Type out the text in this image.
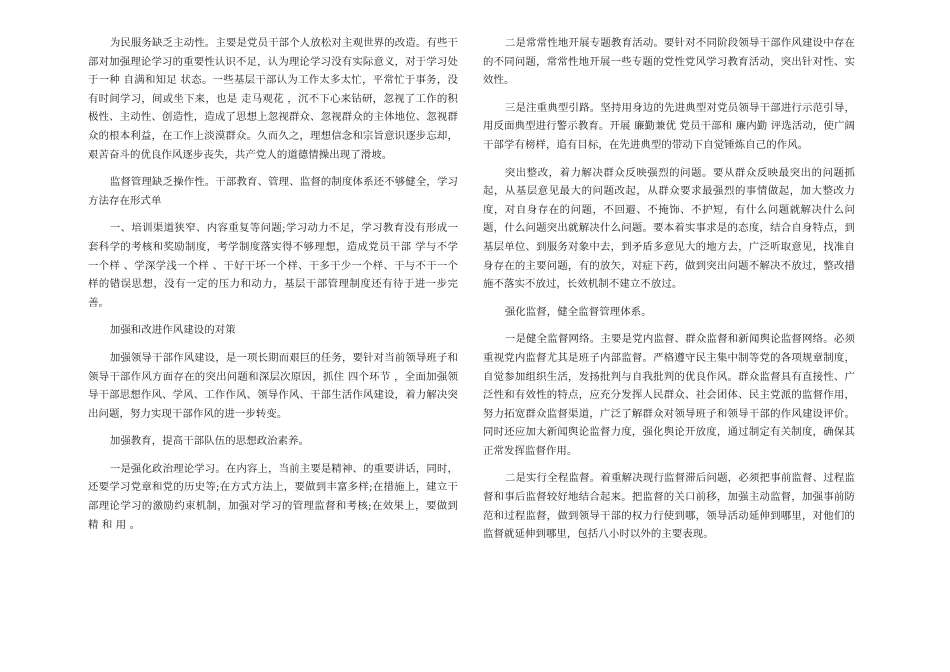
为民服务缺乏主动性。主要是党员干部个人放松对主观世界的改造。有些干部对加强理论学习的重要性认识不足，认为理论学习没有实际意义，对于学习处于一种 自满和知足 状态。一些基层干部认为工作太多太忙，平常忙于事务，没有时间学习，间或坐下来，也是 走马观花 ，沉不下心来钻研，忽视了工作的积极性、主动性、创造性，造成了思想上忽视群众、忽视群众的主体地位、忽视群众的根本利益，在工作上淡漠群众。久而久之，理想信念和宗旨意识逐步忘却，艰苦奋斗的优良作风逐步丧失，共产党人的道德情操出现了滑坡。

监督管理缺乏操作性。干部教育、管理、监督的制度体系还不够健全，学习方法存在形式单

一、培训渠道狭窄、内容重复等问题;学习动力不足，学习教育没有形成一套科学的考核和奖励制度，考学制度落实得不够理想，造成党员干部 学与不学一个样 、学深学浅一个样 、干好干坏一个样、干多干少一个样、干与不干一个样的错误思想，没有一定的压力和动力，基层干部管理制度还有待于进一步完善。

加强和改进作风建设的对策

加强领导干部作风建设，是一项长期而艰巨的任务，要针对当前领导班子和领导干部作风方面存在的突出问题和深层次原因，抓住 四个环节 ，全面加强领导干部思想作风、学风、工作作风、领导作风、干部生活作风建设，着力解决突出问题，努力实现干部作风的进一步转变。

加强教育，提高干部队伍的思想政治素养。

一是强化政治理论学习。在内容上，当前主要是精神、的重要讲话，同时，还要学习党章和党的历史等;在方式方法上，要做到丰富多样;在措施上，建立干部理论学习的激励约束机制，加强对学习的管理监督和考核;在效果上，要做到 精 和 用 。

二是常常性地开展专题教育活动。要针对不同阶段领导干部作风建设中存在的不同问题，常常性地开展一些专题的党性党风学习教育活动，突出针对性、实效性。

三是注重典型引路。坚持用身边的先进典型对党员领导干部进行示范引导，用反面典型进行警示教育。开展 廉勤兼优 党员干部和 廉内勤 评选活动，使广阔干部学有榜样，追有目标，在先进典型的带动下自觉锤炼自己的作风。

突出整改，着力解决群众反映强烈的问题。要从群众反映最突出的问题抓起，从基层意见最大的问题改起，从群众要求最强烈的事情做起，加大整改力度，对自身存在的问题，不回避、不掩饰、不护短，有什么问题就解决什么问题，什么问题突出就解决什么问题。要本着实事求是的态度，结合自身特点，到基层单位、到服务对象中去，到矛盾多意见大的地方去，广泛听取意见，找准自身存在的主要问题，有的放矢，对症下药，做到突出问题不解决不放过，整改措施不落实不放过，长效机制不建立不放过。

强化监督，健全监督管理体系。

一是健全监督网络。主要是党内监督、群众监督和新闻舆论监督网络。必须重视党内监督尤其是班子内部监督。严格遵守民主集中制等党的各项规章制度，自觉参加组织生活，发扬批判与自我批判的优良作风。群众监督具有直接性、广泛性和有效性的特点，应充分发挥人民群众、社会团体、民主党派的监督作用，努力拓宽群众监督渠道，广泛了解群众对领导班子和领导干部的作风建设评价。同时还应加大新闻舆论监督力度，强化舆论开放度，通过制定有关制度，确保其正常发挥监督作用。

二是实行全程监督。着重解决现行监督滞后问题，必须把事前监督、过程监督和事后监督较好地结合起来。把监督的关口前移，加强主动监督，加强事前防范和过程监督，做到领导干部的权力行使到哪，领导活动延伸到哪里，对他们的监督就延伸到哪里，包括八小时以外的主要表现。
